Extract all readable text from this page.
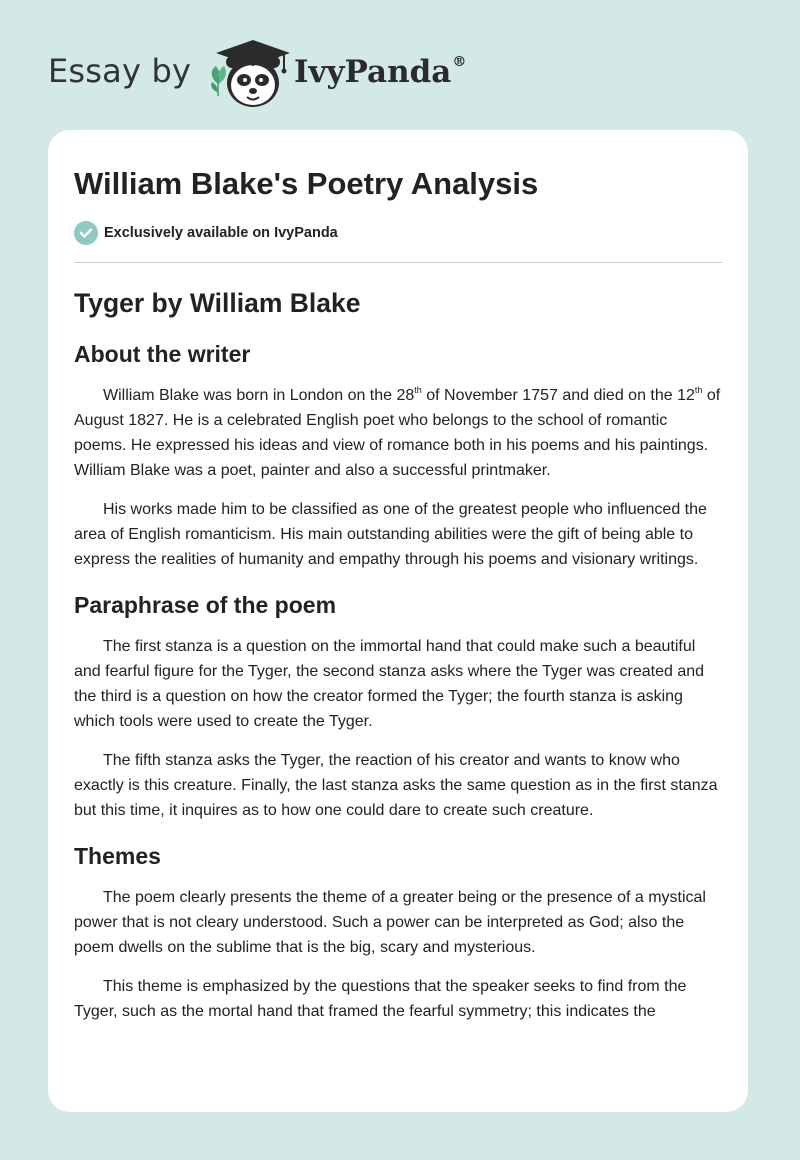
Essay by	IvyPanda®
William Blake's Poetry Analysis
Exclusively available on IvyPanda
Tyger by William Blake
About the writer

William Blake was born in London on the 28th of November 1757 and died on the 12th of August 1827. He is a celebrated English poet who belongs to the school of romantic poems. He expressed his ideas and view of romance both in his poems and his paintings. William Blake was a poet, painter and also a successful printmaker.

His works made him to be classified as one of the greatest people who influenced the area of English romanticism. His main outstanding abilities were the gift of being able to express the realities of humanity and empathy through his poems and visionary writings.

Paraphrase of the poem

The first stanza is a question on the immortal hand that could make such a beautiful and fearful figure for the Tyger, the second stanza asks where the Tyger was created and the third is a question on how the creator formed the Tyger; the fourth stanza is asking which tools were used to create the Tyger.

The fifth stanza asks the Tyger, the reaction of his creator and wants to know who exactly is this creature. Finally, the last stanza asks the same question as in the first stanza but this time, it inquires as to how one could dare to create such creature.

Themes

The poem clearly presents the theme of a greater being or the presence of a mystical power that is not cleary understood. Such a power can be interpreted as God; also the poem dwells on the sublime that is the big, scary and mysterious.

This theme is emphasized by the questions that the speaker seeks to find from the Tyger, such as the mortal hand that framed the fearful symmetry; this indicates the
